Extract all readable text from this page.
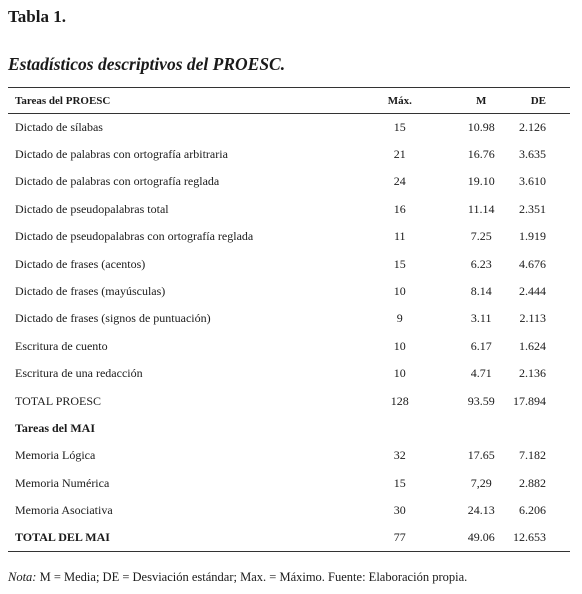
Tabla 1.
Estadísticos descriptivos del PROESC.
Tareas del PROESC	Máx.	M	DE
Dictado de sílabas	15	10.98	2.126
Dictado de palabras con ortografía arbitraria	21	16.76	3.635
Dictado de palabras con ortografía reglada	24	19.10	3.610
Dictado de pseudopalabras total	16	11.14	2.351
Dictado de pseudopalabras con ortografía reglada	11	7.25	1.919
Dictado de frases (acentos)	15	6.23	4.676
Dictado de frases (mayúsculas)	10	8.14	2.444
Dictado de frases (signos de puntuación)	9	3.11	2.113
Escritura de cuento	10	6.17	1.624
Escritura de una redacción	10	4.71	2.136
TOTAL PROESC	128	93.59	17.894
Tareas del MAI			
Memoria Lógica	32	17.65	7.182
Memoria Numérica	15	7,29	2.882
Memoria Asociativa	30	24.13	6.206
TOTAL DEL MAI	77	49.06	12.653

Nota: M = Media; DE = Desviación estándar; Max. = Máximo. Fuente: Elaboración propia.
